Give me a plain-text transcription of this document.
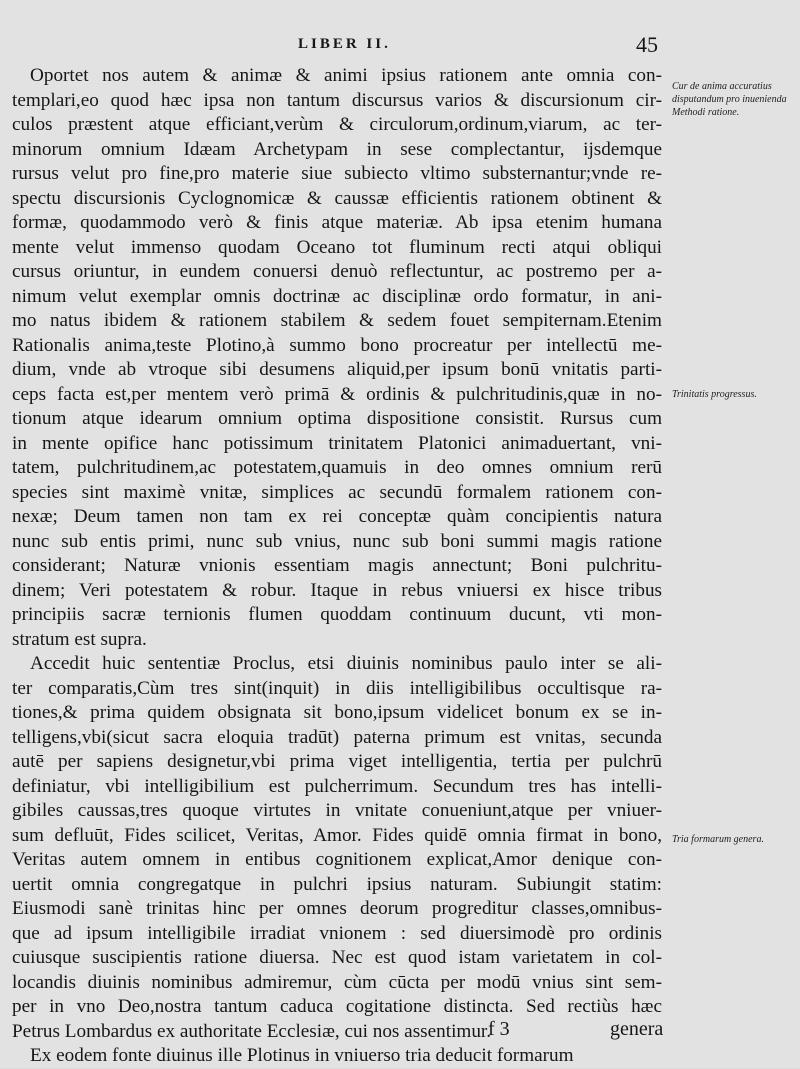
LIBER II.	45
Oportet nos autem & animæ & animi ipsius rationem ante omnia con-
templari,eo quod hæc ipsa non tantum discursus varios & discursionum cir-
culos præstent atque efficiant,verùm & circulorum,ordinum,viarum, ac ter-
minorum omnium Idæam Archetypam in sese complectantur, ijsdemque
rursus velut pro fine,pro materie siue subiecto vltimo substernantur;vnde re-
spectu discursionis Cyclognomicæ & caussæ efficientis rationem obtinent &
formæ, quodammodo verò & finis atque materiæ. Ab ipsa etenim humana
mente velut immenso quodam Oceano tot fluminum recti atqui obliqui
cursus oriuntur, in eundem conuersi denuò reflectuntur, ac postremo per a-
nimum velut exemplar omnis doctrinæ ac disciplinæ ordo formatur, in ani-
mo natus ibidem & rationem stabilem & sedem fouet sempiternam.Etenim
Rationalis anima,teste Plotino,à summo bono procreatur per intellectū me-
dium, vnde ab vtroque sibi desumens aliquid,per ipsum bonū vnitatis parti-
ceps facta est,per mentem verò primā & ordinis & pulchritudinis,quæ in no-
tionum atque idearum omnium optima dispositione consistit. Rursus cum
in mente opifice hanc potissimum trinitatem Platonici animaduertant, vni-
tatem, pulchritudinem,ac potestatem,quamuis in deo omnes omnium rerū
species sint maximè vnitæ, simplices ac secundū formalem rationem con-
nexæ; Deum tamen non tam ex rei conceptæ quàm concipientis natura
nunc sub entis primi, nunc sub vnius, nunc sub boni summi magis ratione
considerant; Naturæ vnionis essentiam magis annectunt; Boni pulchritu-
dinem; Veri potestatem & robur. Itaque in rebus vniuersi ex hisce tribus
principiis sacræ ternionis flumen quoddam continuum ducunt, vti mon-
stratum est supra.
Accedit huic sententiæ Proclus, etsi diuinis nominibus paulo inter se ali-
ter comparatis,Cùm tres sint(inquit) in diis intelligibilibus occultisque ra-
tiones,& prima quidem obsignata sit bono,ipsum videlicet bonum ex se in-
telligens,vbi(sicut sacra eloquia tradūt) paterna primum est vnitas, secunda
autē per sapiens designetur,vbi prima viget intelligentia, tertia per pulchrū
definiatur, vbi intelligibilium est pulcherrimum. Secundum tres has intelli-
gibiles caussas,tres quoque virtutes in vnitate conueniunt,atque per vniuer-
sum defluūt, Fides scilicet, Veritas, Amor. Fides quidē omnia firmat in bono,
Veritas autem omnem in entibus cognitionem explicat,Amor denique con-
uertit omnia congregatque in pulchri ipsius naturam. Subiungit statim:
Eiusmodi sanè trinitas hinc per omnes deorum progreditur classes,omnibus-
que ad ipsum intelligibile irradiat vnionem : sed diuersimodè pro ordinis
cuiusque suscipientis ratione diuersa. Nec est quod istam varietatem in col-
locandis diuinis nominibus admiremur, cùm cūcta per modū vnius sint sem-
per in vno Deo,nostra tantum caduca cogitatione distincta. Sed rectiùs hæc
Petrus Lombardus ex authoritate Ecclesiæ, cui nos assentimur.
Ex eodem fonte diuinus ille Plotinus in vniuerso tria deducit formarum
Cur de anima accuratius disputandum pro inuenienda Methodi ratione.
Trinitatis progressus.
Tria formarum genera.
f 3	genera
